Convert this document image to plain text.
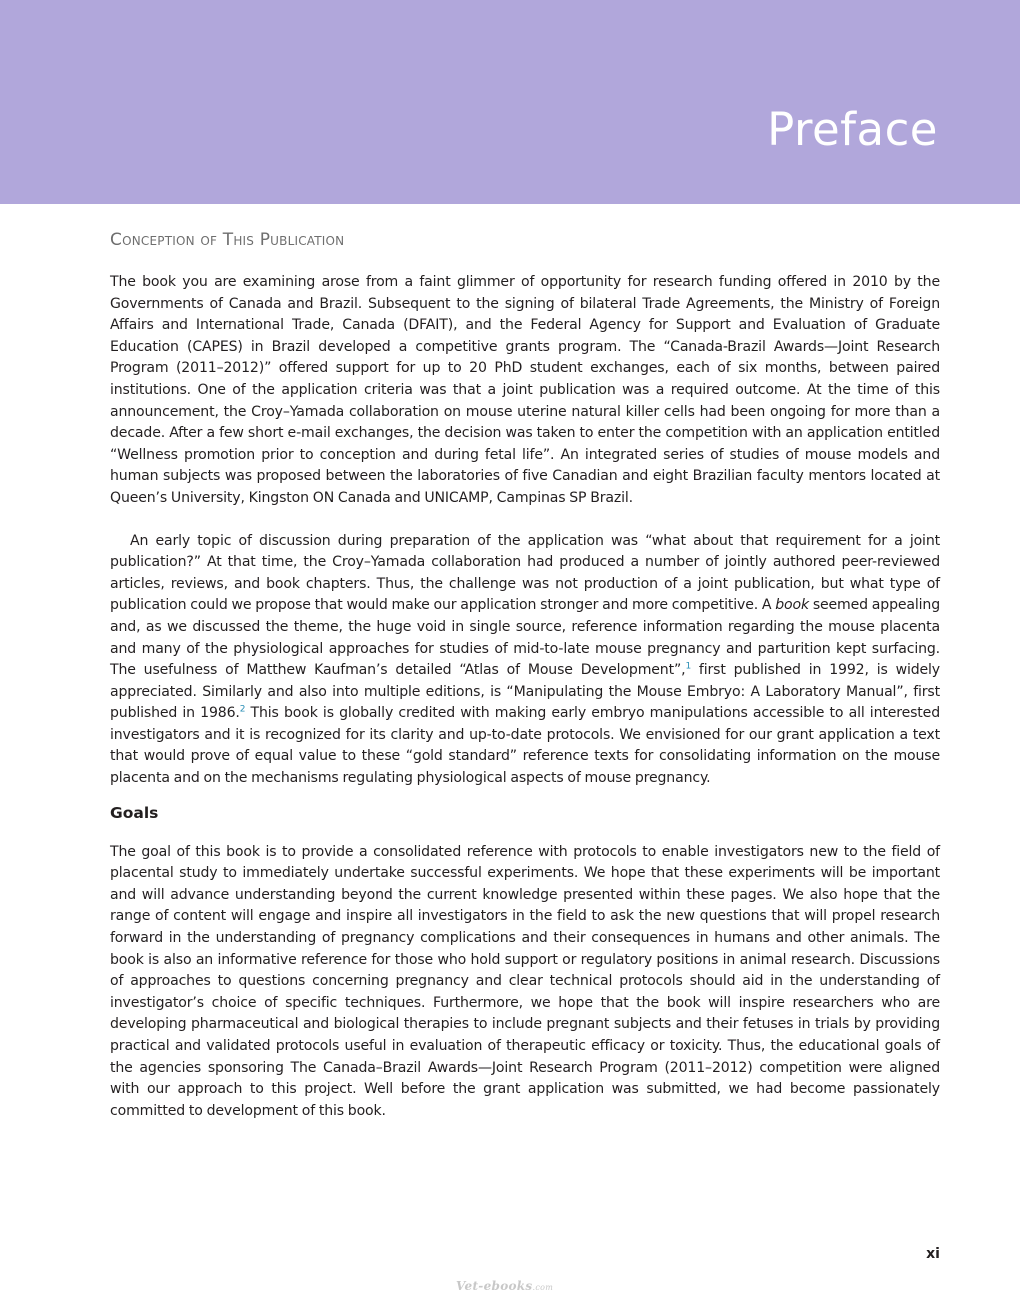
Preface
Conception of This Publication

The book you are examining arose from a faint glimmer of opportunity for research funding offered in 2010 by the Governments of Canada and Brazil. Subsequent to the signing of bilateral Trade Agreements, the Ministry of Foreign Affairs and International Trade, Canada (DFAIT), and the Federal Agency for Support and Evaluation of Graduate Education (CAPES) in Brazil developed a competitive grants program. The “Canada-Brazil Awards—Joint Research Program (2011–2012)” offered support for up to 20 PhD student exchanges, each of six months, between paired institutions. One of the application criteria was that a joint publication was a required outcome. At the time of this announcement, the Croy–Yamada collaboration on mouse uterine natural killer cells had been ongoing for more than a decade. After a few short e-mail exchanges, the decision was taken to enter the competition with an application entitled “Wellness promotion prior to conception and during fetal life”. An integrated series of studies of mouse models and human subjects was proposed between the laboratories of five Canadian and eight Brazilian faculty mentors located at Queen’s University, Kingston ON Canada and UNICAMP, Campinas SP Brazil.

An early topic of discussion during preparation of the application was “what about that requirement for a joint publication?” At that time, the Croy–Yamada collaboration had produced a number of jointly authored peer-reviewed articles, reviews, and book chapters. Thus, the challenge was not production of a joint publication, but what type of publication could we propose that would make our application stronger and more competitive. A book seemed appealing and, as we discussed the theme, the huge void in single source, reference information regarding the mouse placenta and many of the physiological approaches for studies of mid-to-late mouse pregnancy and parturition kept surfacing. The usefulness of Matthew Kaufman’s detailed “Atlas of Mouse Development”,$^1$ first published in 1992, is widely appreciated. Similarly and also into multiple editions, is “Manipulating the Mouse Embryo: A Laboratory Manual”, first published in 1986.$^2$ This book is globally credited with making early embryo manipulations accessible to all interested investigators and it is recognized for its clarity and up-to-date protocols. We envisioned for our grant application a text that would prove of equal value to these “gold standard” reference texts for consolidating information on the mouse placenta and on the mechanisms regulating physiological aspects of mouse pregnancy.

Goals

The goal of this book is to provide a consolidated reference with protocols to enable investigators new to the field of placental study to immediately undertake successful experiments. We hope that these experiments will be important and will advance understanding beyond the current knowledge presented within these pages. We also hope that the range of content will engage and inspire all investigators in the field to ask the new questions that will propel research forward in the understanding of pregnancy complications and their consequences in humans and other animals. The book is also an informative reference for those who hold support or regulatory positions in animal research. Discussions of approaches to questions concerning pregnancy and clear technical protocols should aid in the understanding of investigator’s choice of specific techniques. Furthermore, we hope that the book will inspire researchers who are developing pharmaceutical and biological therapies to include pregnant subjects and their fetuses in trials by providing practical and validated protocols useful in evaluation of therapeutic efficacy or toxicity. Thus, the educational goals of the agencies sponsoring The Canada–Brazil Awards—Joint Research Program (2011–2012) competition were aligned with our approach to this project. Well before the grant application was submitted, we had become passionately committed to development of this book.

xi
Vet-ebooks.com
